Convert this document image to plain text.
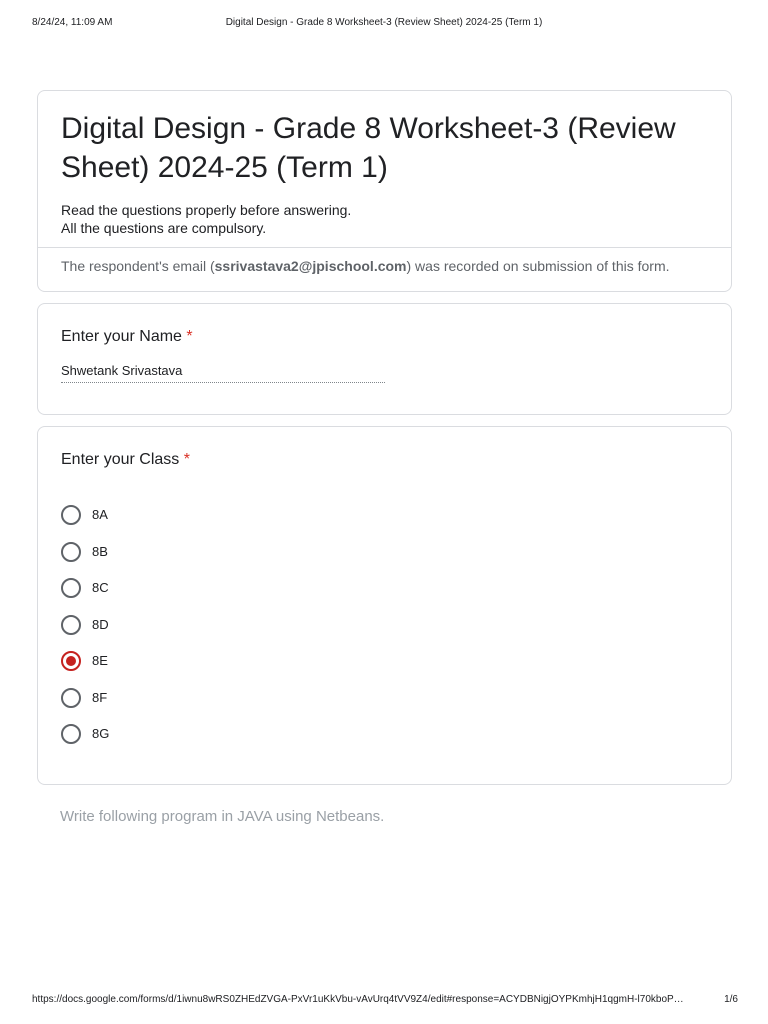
8/24/24, 11:09 AM	Digital Design - Grade 8 Worksheet-3 (Review Sheet) 2024-25 (Term 1)
Digital Design - Grade 8 Worksheet-3 (Review Sheet) 2024-25 (Term 1)
Read the questions properly before answering.
All the questions are compulsory.
The respondent's email (ssrivastava2@jpischool.com) was recorded on submission of this form.
Enter your Name *
Shwetank Srivastava
Enter your Class *
8A
8B
8C
8D
8E
8F
8G
Write following program in JAVA using Netbeans.
https://docs.google.com/forms/d/1iwnu8wRS0ZHEdZVGA-PxVr1uKkVbu-vAvUrq4tVV9Z4/edit#response=ACYDBNigjOYPKmhjH1qgmH-l70kboP…	1/6
